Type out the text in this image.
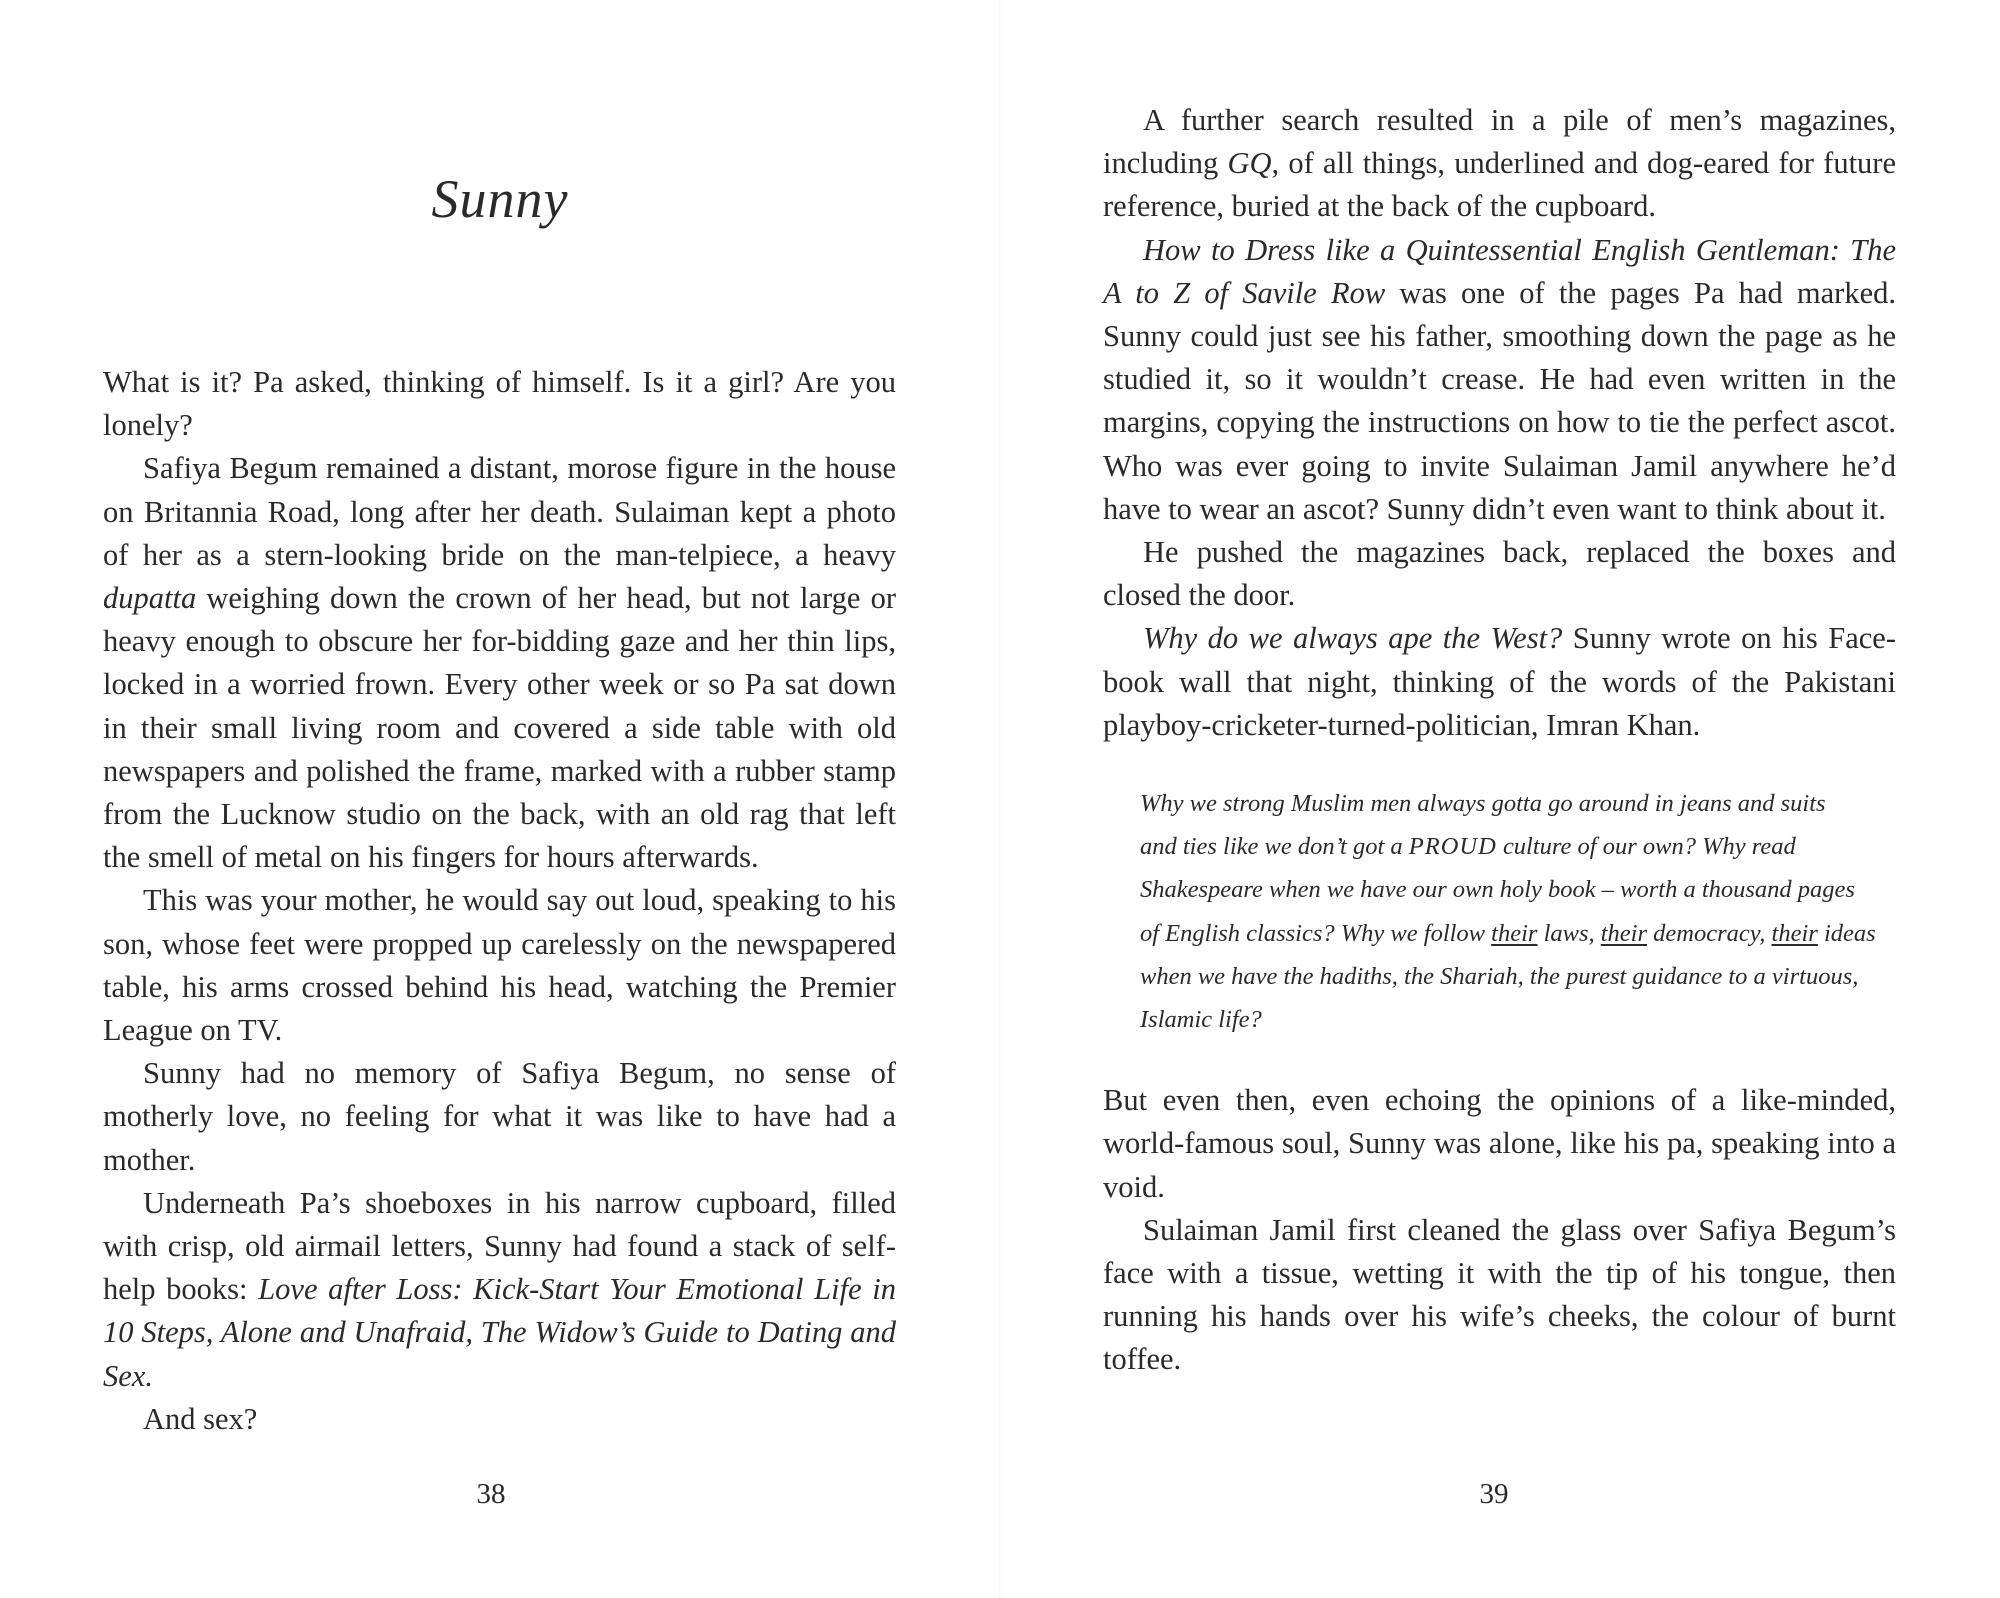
Sunny

What is it? Pa asked, thinking of himself. Is it a girl? Are you lonely?

Safiya Begum remained a distant, morose figure in the house on Britannia Road, long after her death. Sulaiman kept a photo of her as a stern-looking bride on the man-telpiece, a heavy dupatta weighing down the crown of her head, but not large or heavy enough to obscure her for-bidding gaze and her thin lips, locked in a worried frown. Every other week or so Pa sat down in their small living room and covered a side table with old newspapers and polished the frame, marked with a rubber stamp from the Lucknow studio on the back, with an old rag that left the smell of metal on his fingers for hours afterwards.

This was your mother, he would say out loud, speaking to his son, whose feet were propped up carelessly on the newspapered table, his arms crossed behind his head, watching the Premier League on TV.

Sunny had no memory of Safiya Begum, no sense of motherly love, no feeling for what it was like to have had a mother.

Underneath Pa’s shoeboxes in his narrow cupboard, filled with crisp, old airmail letters, Sunny had found a stack of self-help books: Love after Loss: Kick-Start Your Emotional Life in 10 Steps, Alone and Unafraid, The Widow’s Guide to Dating and Sex.

And sex?

38

A further search resulted in a pile of men’s magazines, including GQ, of all things, underlined and dog-eared for future reference, buried at the back of the cupboard.

How to Dress like a Quintessential English Gentleman: The A to Z of Savile Row was one of the pages Pa had marked. Sunny could just see his father, smoothing down the page as he studied it, so it wouldn’t crease. He had even written in the margins, copying the instructions on how to tie the perfect ascot. Who was ever going to invite Sulaiman Jamil anywhere he’d have to wear an ascot? Sunny didn’t even want to think about it.

He pushed the magazines back, replaced the boxes and closed the door.

Why do we always ape the West? Sunny wrote on his Face-book wall that night, thinking of the words of the Pakistani playboy-cricketer-turned-politician, Imran Khan.

Why we strong Muslim men always gotta go around in jeans and suits
and ties like we don’t got a PROUD culture of our own? Why read
Shakespeare when we have our own holy book – worth a thousand pages
of English classics? Why we follow their laws, their democracy, their ideas
when we have the hadiths, the Shariah, the purest guidance to a virtuous,
Islamic life?

But even then, even echoing the opinions of a like-minded, world-famous soul, Sunny was alone, like his pa, speaking into a void.

Sulaiman Jamil first cleaned the glass over Safiya Begum’s face with a tissue, wetting it with the tip of his tongue, then running his hands over his wife’s cheeks, the colour of burnt toffee.

39
